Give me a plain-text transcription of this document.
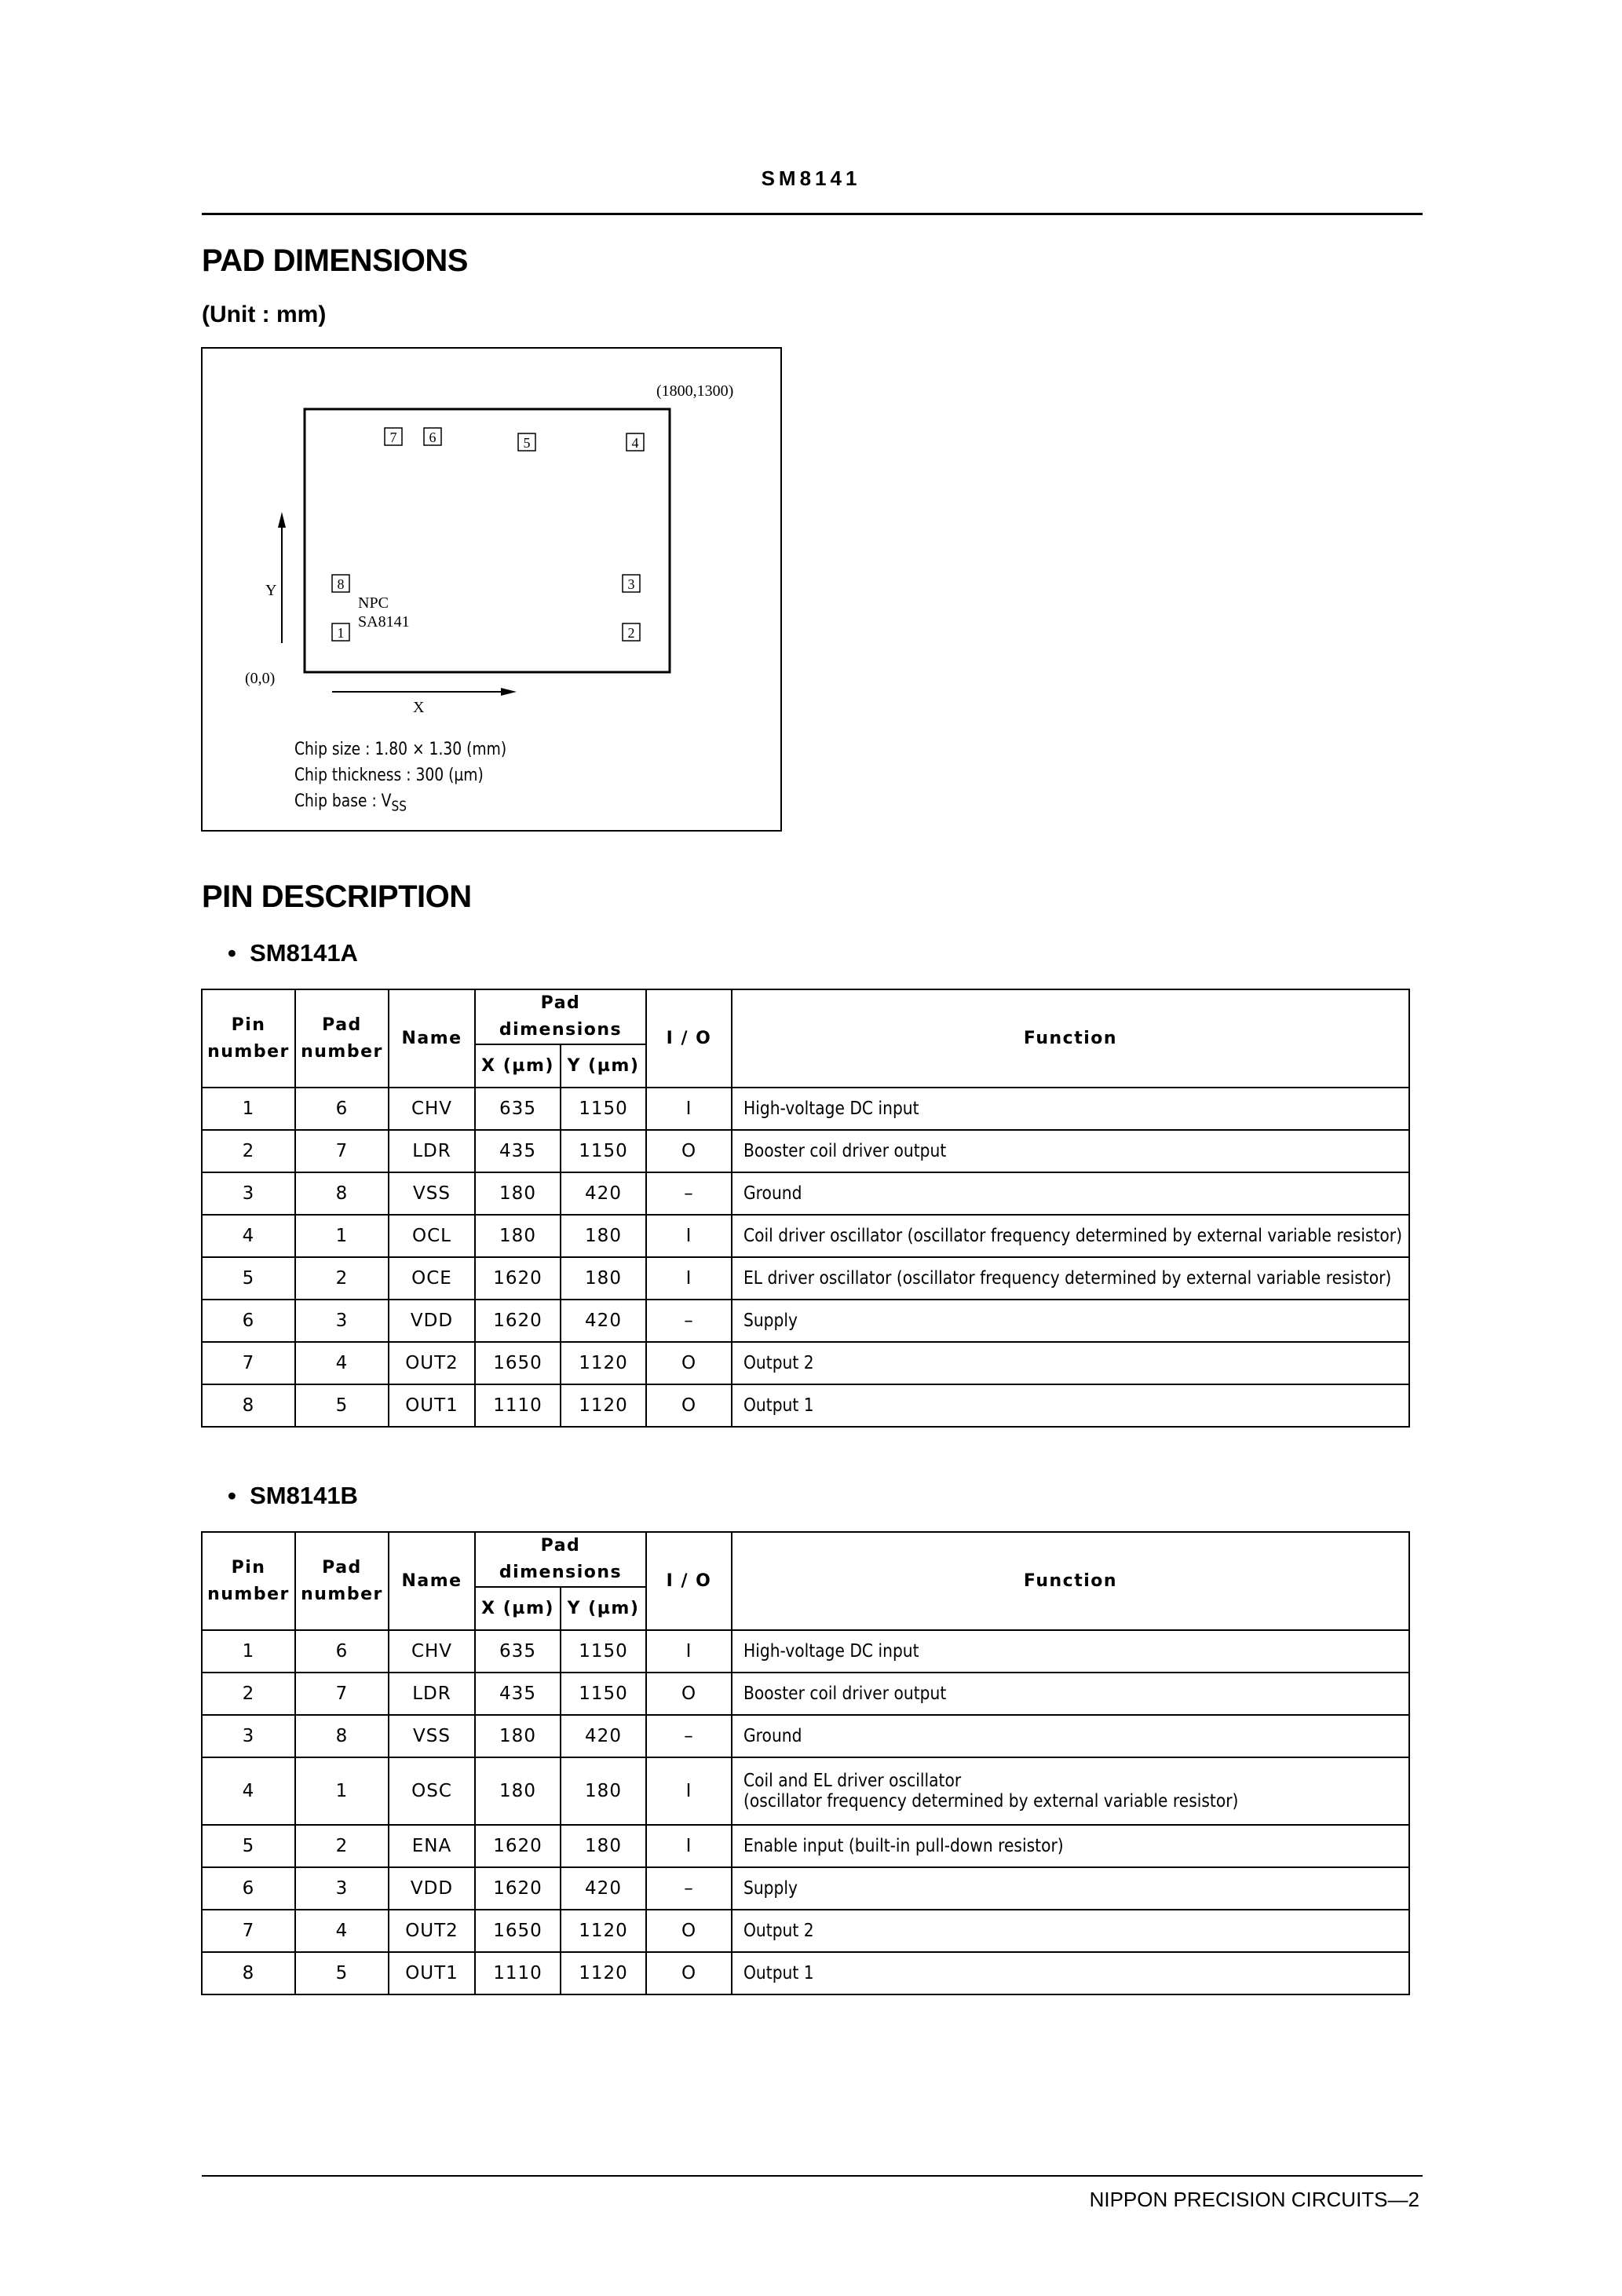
SM8141
PAD DIMENSIONS
(Unit : mm)
7 6	5	4
8	3
1	2
NPC
SA8141
(1800,1300)
(0,0)
Y
X
Chip size : 1.80 × 1.30 (mm)
Chip thickness : 300 (µm)
Chip base : $V_{SS}$
PIN DESCRIPTION
•  SM8141A
Pin
number	Pad
number	Name	Pad dimensions		I / O	Function
			X (µm)	Y (µm)		
1	6	CHV	635	1150	I	High-voltage DC input
2	7	LDR	435	1150	O	Booster coil driver output
3	8	VSS	180	420	–	Ground
4	1	OCL	180	180	I	Coil driver oscillator (oscillator frequency determined by external variable resistor)
5	2	OCE	1620	180	I	EL driver oscillator (oscillator frequency determined by external variable resistor)
6	3	VDD	1620	420	–	Supply
7	4	OUT2	1650	1120	O	Output 2
8	5	OUT1	1110	1120	O	Output 1
•  SM8141B
Pin
number	Pad
number	Name	Pad dimensions		I / O	Function
			X (µm)	Y (µm)		
1	6	CHV	635	1150	I	High-voltage DC input
2	7	LDR	435	1150	O	Booster coil driver output
3	8	VSS	180	420	–	Ground
4	1	OSC	180	180	I	Coil and EL driver oscillator
(oscillator frequency determined by external variable resistor)

5	2	ENA	1620	180	I	Enable input (built-in pull-down resistor)
6	3	VDD	1620	420	–	Supply
7	4	OUT2	1650	1120	O	Output 2
8	5	OUT1	1110	1120	O	Output 1
NIPPON PRECISION CIRCUITS—2
